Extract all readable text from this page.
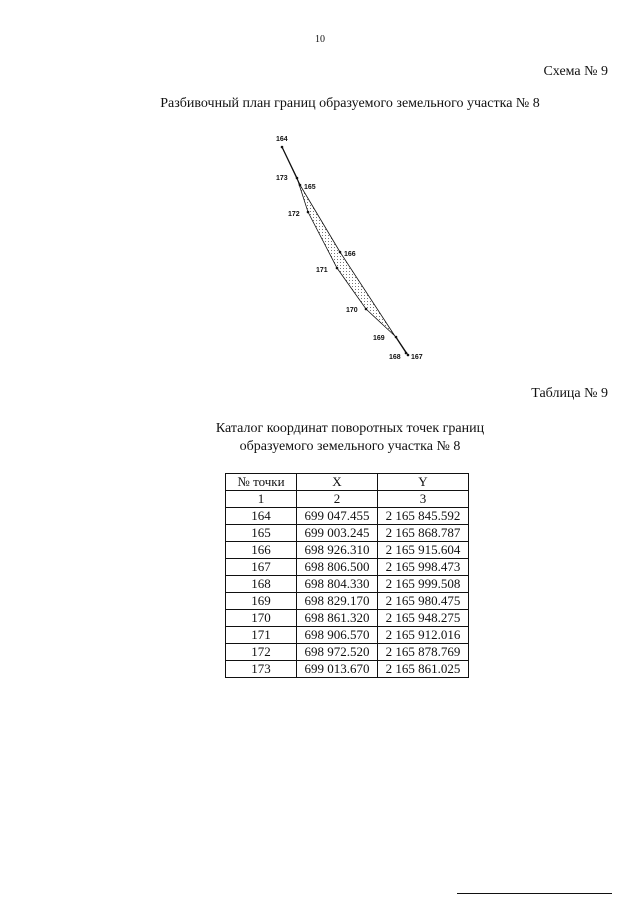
10
Схема № 9
Разбивочный план границ образуемого земельного участка № 8
164
173
165
172
166
171
170
169
168 167
Таблица № 9
Каталог координат поворотных точек границ
образуемого земельного участка № 8
№ точки	X	Y
1	2	3
164	699 047.455	2 165 845.592
165	699 003.245	2 165 868.787
166	698 926.310	2 165 915.604
167	698 806.500	2 165 998.473
168	698 804.330	2 165 999.508
169	698 829.170	2 165 980.475
170	698 861.320	2 165 948.275
171	698 906.570	2 165 912.016
172	698 972.520	2 165 878.769
173	699 013.670	2 165 861.025
